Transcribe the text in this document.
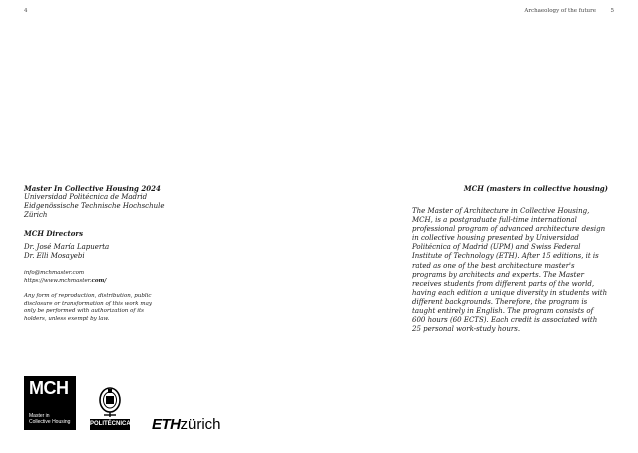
4	Archaeology of the future	5
Master In Collective Housing 2024
Universidad Politécnica de Madrid
Eidgenössische Technische Hochschule
Zürich
MCH Directors
Dr. José María Lapuerta
Dr. Elli Mosayebi
info@mchmaster.com
https://www.mchmaster.com/
Any form of reproduction, distribution, public disclosure or transformation of this work may only be performed with authorization of its holders, unless exempt by law.
MCH (masters in collective housing)
The Master of Architecture in Collective Housing, MCH, is a postgraduate full-time international professional program of advanced architecture design in collective housing presented by Universidad Politécnica of Madrid (UPM) and Swiss Federal Institute of Technology (ETH). After 15 editions, it is rated as one of the best architecture master's programs by architects and experts. The Master receives students from different parts of the world, having each edition a unique diversity in students with different backgrounds. Therefore, the program is taught entirely in English. The program consists of 600 hours (60 ECTS). Each credit is associated with 25 personal work-study hours.
MCH
Master in
Collective Housing	POLITÉCNICA ETHzürich
